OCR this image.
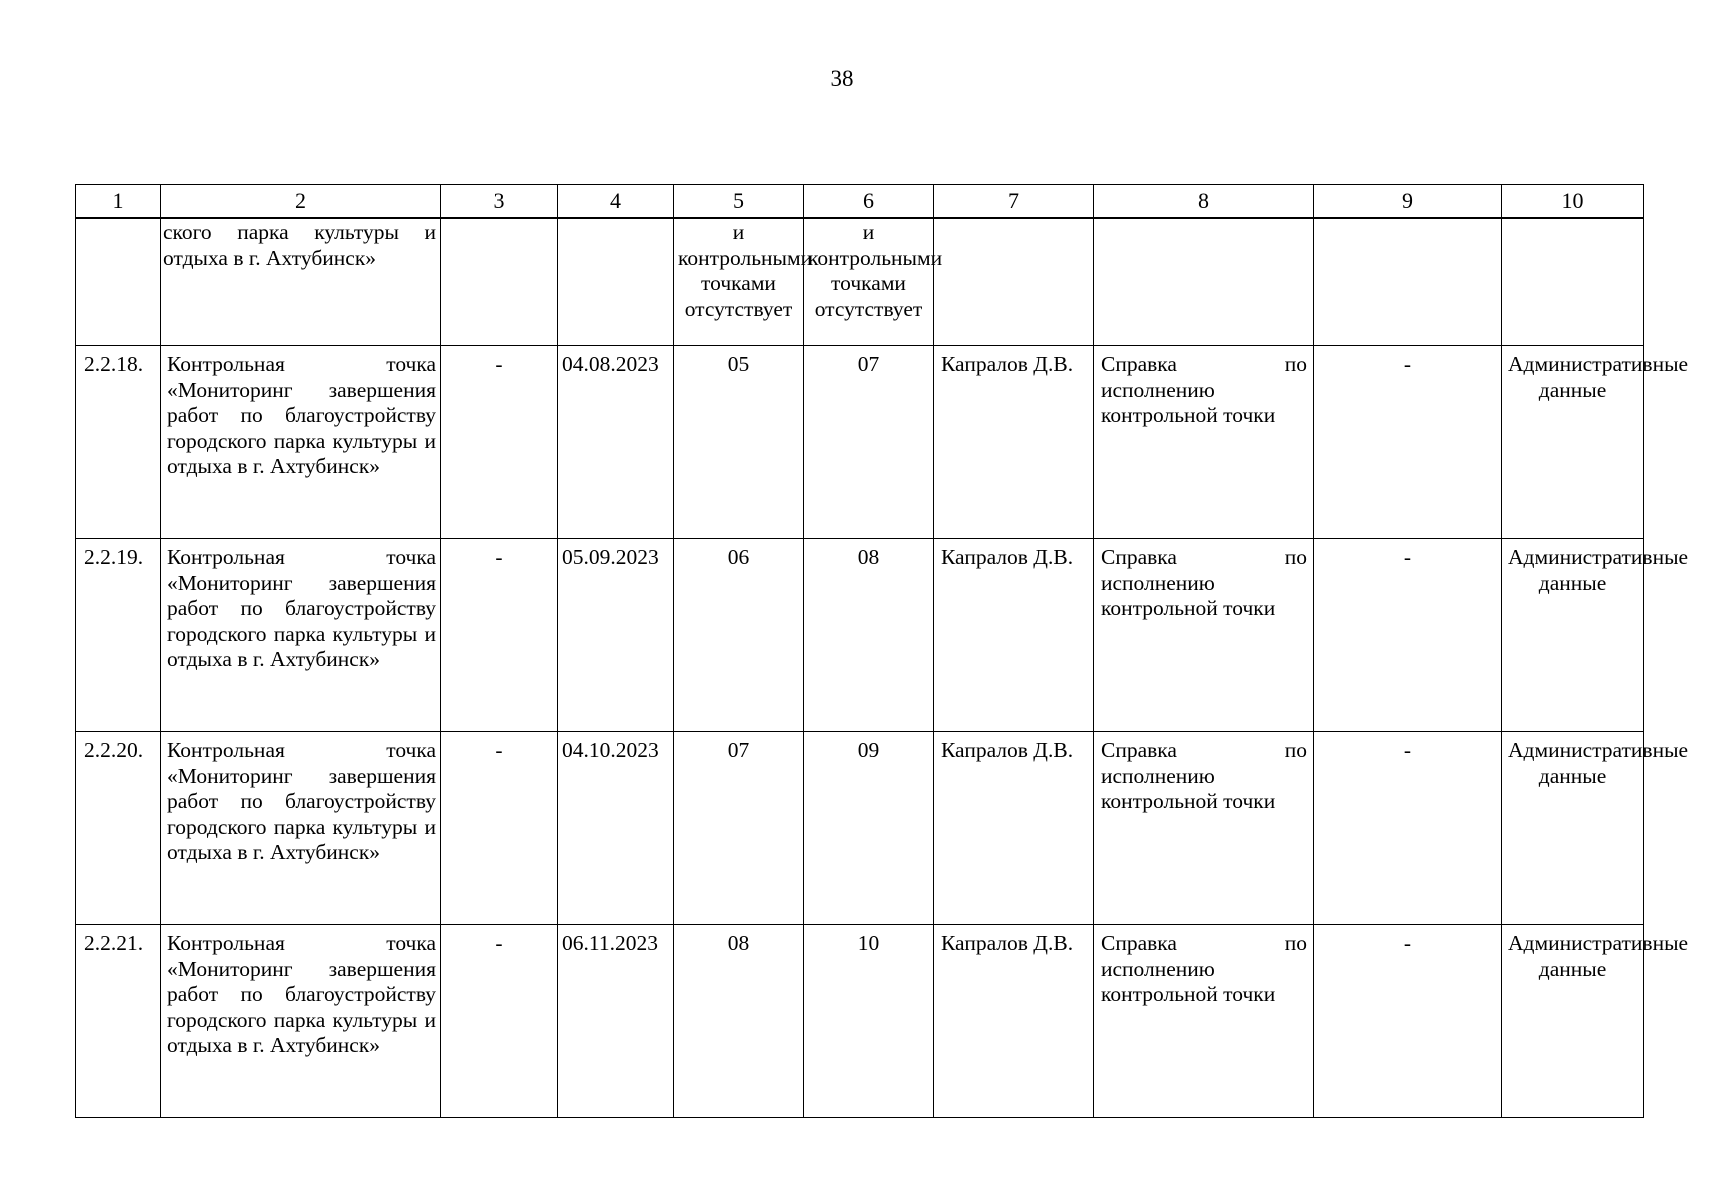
38
1	2	3	4	5	6	7	8	9	10

	ского парка культуры и отдыха в г. Ахтубинск»			и контрольными точками отсутствует	и контрольными точками отсутствует				

2.2.18.	Контрольная точка «Мониторинг завершения работ по благоустройству городского парка культуры и отдыха в г. Ахтубинск»	-	04.08.2023	05	07	Капралов Д.В.	Справка по исполнению контрольной точки	-	Административные данные

2.2.19.	Контрольная точка «Мониторинг завершения работ по благоустройству городского парка культуры и отдыха в г. Ахтубинск»	-	05.09.2023	06	08	Капралов Д.В.	Справка по исполнению контрольной точки	-	Административные данные

2.2.20.	Контрольная точка «Мониторинг завершения работ по благоустройству городского парка культуры и отдыха в г. Ахтубинск»	-	04.10.2023	07	09	Капралов Д.В.	Справка по исполнению контрольной точки	-	Административные данные

2.2.21.	Контрольная точка «Мониторинг завершения работ по благоустройству городского парка культуры и отдыха в г. Ахтубинск»	-	06.11.2023	08	10	Капралов Д.В.	Справка по исполнению контрольной точки	-	Административные данные
